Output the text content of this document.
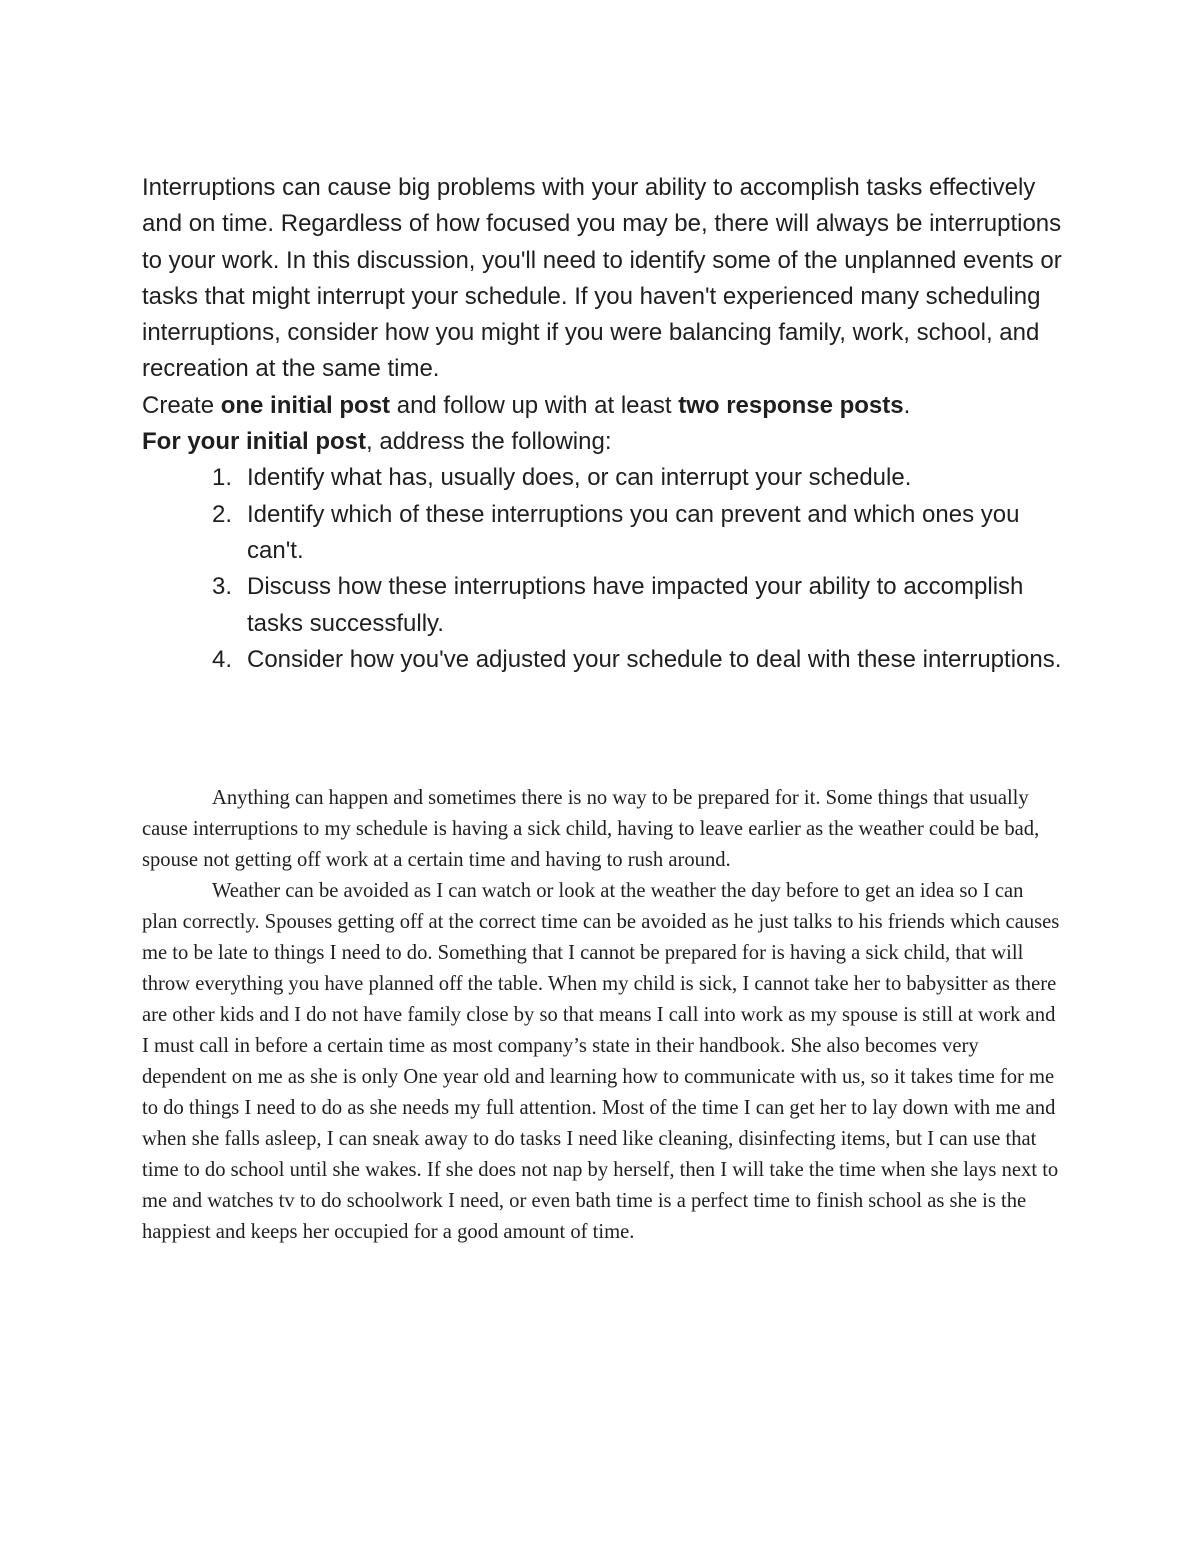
Interruptions can cause big problems with your ability to accomplish tasks effectively and on time. Regardless of how focused you may be, there will always be interruptions to your work. In this discussion, you'll need to identify some of the unplanned events or tasks that might interrupt your schedule. If you haven't experienced many scheduling interruptions, consider how you might if you were balancing family, work, school, and recreation at the same time.

Create one initial post and follow up with at least two response posts.

For your initial post, address the following:

1. Identify what has, usually does, or can interrupt your schedule.
2. Identify which of these interruptions you can prevent and which ones you can't.
3. Discuss how these interruptions have impacted your ability to accomplish tasks successfully.
4. Consider how you've adjusted your schedule to deal with these interruptions.

Anything can happen and sometimes there is no way to be prepared for it. Some things that usually cause interruptions to my schedule is having a sick child, having to leave earlier as the weather could be bad, spouse not getting off work at a certain time and having to rush around.

Weather can be avoided as I can watch or look at the weather the day before to get an idea so I can plan correctly. Spouses getting off at the correct time can be avoided as he just talks to his friends which causes me to be late to things I need to do. Something that I cannot be prepared for is having a sick child, that will throw everything you have planned off the table. When my child is sick, I cannot take her to babysitter as there are other kids and I do not have family close by so that means I call into work as my spouse is still at work and I must call in before a certain time as most company’s state in their handbook. She also becomes very dependent on me as she is only One year old and learning how to communicate with us, so it takes time for me to do things I need to do as she needs my full attention. Most of the time I can get her to lay down with me and when she falls asleep, I can sneak away to do tasks I need like cleaning, disinfecting items, but I can use that time to do school until she wakes. If she does not nap by herself, then I will take the time when she lays next to me and watches tv to do schoolwork I need, or even bath time is a perfect time to finish school as she is the happiest and keeps her occupied for a good amount of time.
